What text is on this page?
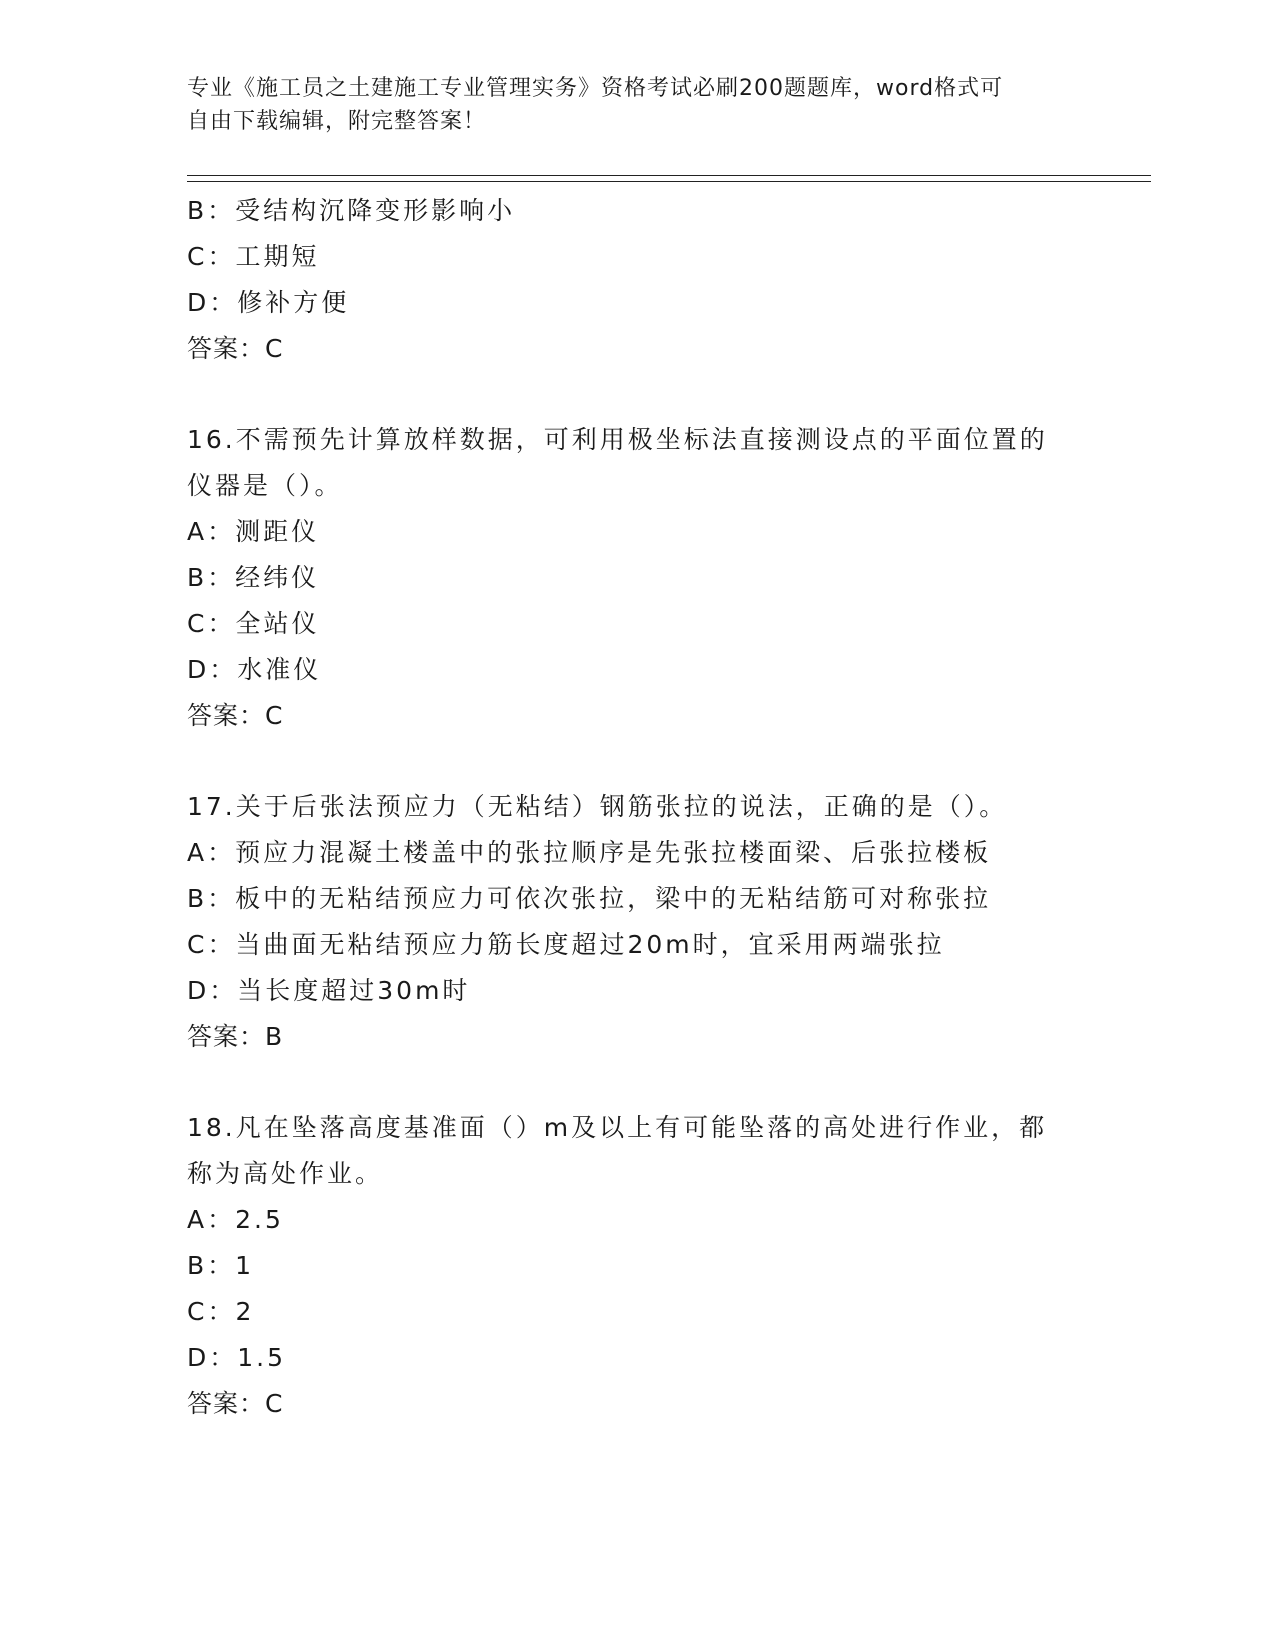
专业《施工员之土建施工专业管理实务》资格考试必刷200题题库，word格式可
自由下载编辑，附完整答案！
B：受结构沉降变形影响小
C：工期短
D：修补方便
答案：C
16.不需预先计算放样数据，可利用极坐标法直接测设点的平面位置的
仪器是（）。
A：测距仪
B：经纬仪
C：全站仪
D：水准仪
答案：C
17.关于后张法预应力（无粘结）钢筋张拉的说法，正确的是（）。
A：预应力混凝土楼盖中的张拉顺序是先张拉楼面梁、后张拉楼板
B：板中的无粘结预应力可依次张拉，梁中的无粘结筋可对称张拉
C：当曲面无粘结预应力筋长度超过20m时，宜采用两端张拉
D：当长度超过30m时
答案：B
18.凡在坠落高度基准面（）m及以上有可能坠落的高处进行作业，都
称为高处作业。
A：2.5
B：1
C：2
D：1.5
答案：C
